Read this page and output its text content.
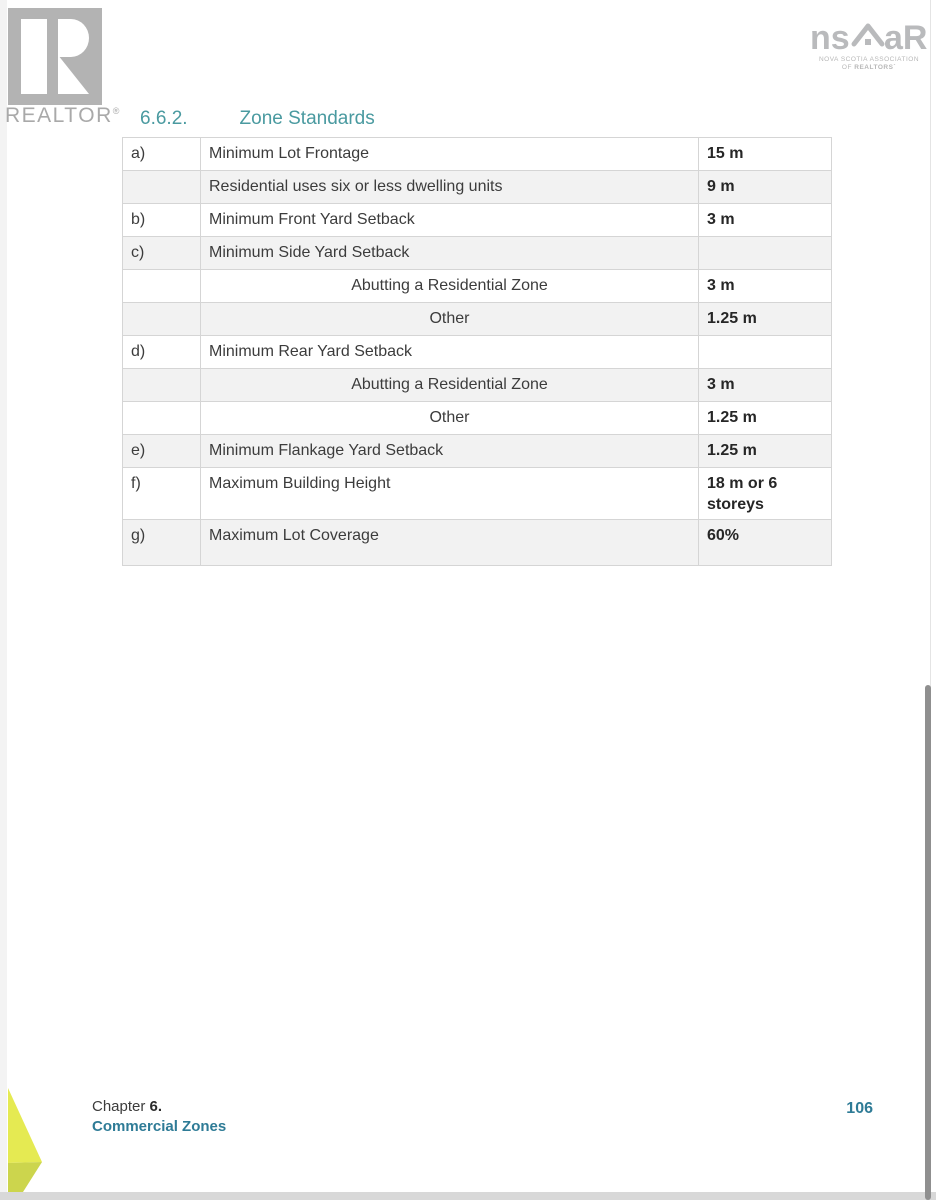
REALTOR®
ns aR
NOVA SCOTIA ASSOCIATION
OF REALTORS´
6.6.2.	Zone Standards
a)	Minimum Lot Frontage	15 m
	Residential uses six or less dwelling units	9 m
b)	Minimum Front Yard Setback	3 m
c)	Minimum Side Yard Setback	
	Abutting a Residential Zone	3 m
	Other	1.25 m
d)	Minimum Rear Yard Setback	
	Abutting a Residential Zone	3 m
	Other	1.25 m
e)	Minimum Flankage Yard Setback	1.25 m
f)	Maximum Building Height	18 m or 6 storeys
g)	Maximum Lot Coverage	60%
Chapter 6.
Commercial Zones
106
